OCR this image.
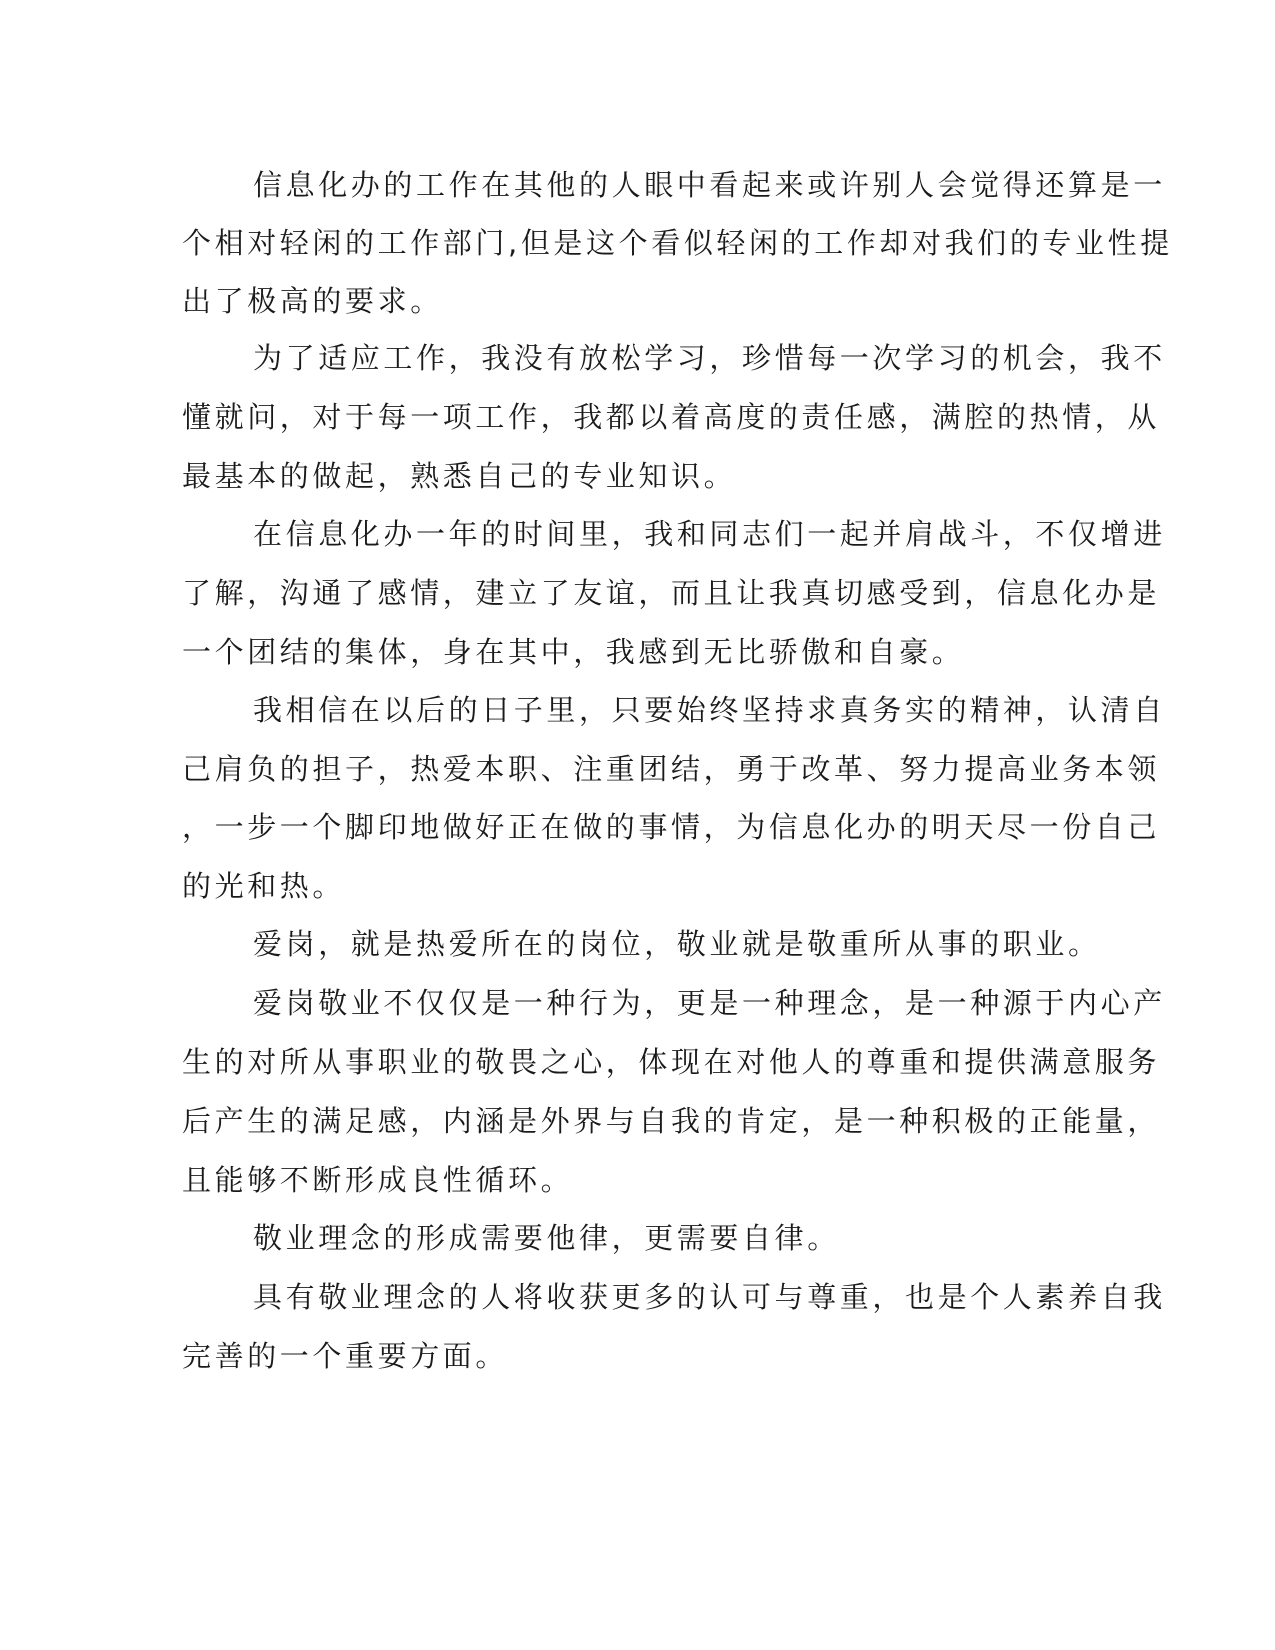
信息化办的工作在其他的人眼中看起来或许别人会觉得还算是一
个相对轻闲的工作部门,但是这个看似轻闲的工作却对我们的专业性提
出了极高的要求。
为了适应工作，我没有放松学习，珍惜每一次学习的机会，我不
懂就问，对于每一项工作，我都以着高度的责任感，满腔的热情，从
最基本的做起，熟悉自己的专业知识。
在信息化办一年的时间里，我和同志们一起并肩战斗，不仅增进
了解，沟通了感情，建立了友谊，而且让我真切感受到，信息化办是
一个团结的集体，身在其中，我感到无比骄傲和自豪。
我相信在以后的日子里，只要始终坚持求真务实的精神，认清自
己肩负的担子，热爱本职、注重团结，勇于改革、努力提高业务本领
，一步一个脚印地做好正在做的事情，为信息化办的明天尽一份自己
的光和热。
爱岗，就是热爱所在的岗位，敬业就是敬重所从事的职业。
爱岗敬业不仅仅是一种行为，更是一种理念，是一种源于内心产
生的对所从事职业的敬畏之心，体现在对他人的尊重和提供满意服务
后产生的满足感，内涵是外界与自我的肯定，是一种积极的正能量，
且能够不断形成良性循环。
敬业理念的形成需要他律，更需要自律。
具有敬业理念的人将收获更多的认可与尊重，也是个人素养自我
完善的一个重要方面。
